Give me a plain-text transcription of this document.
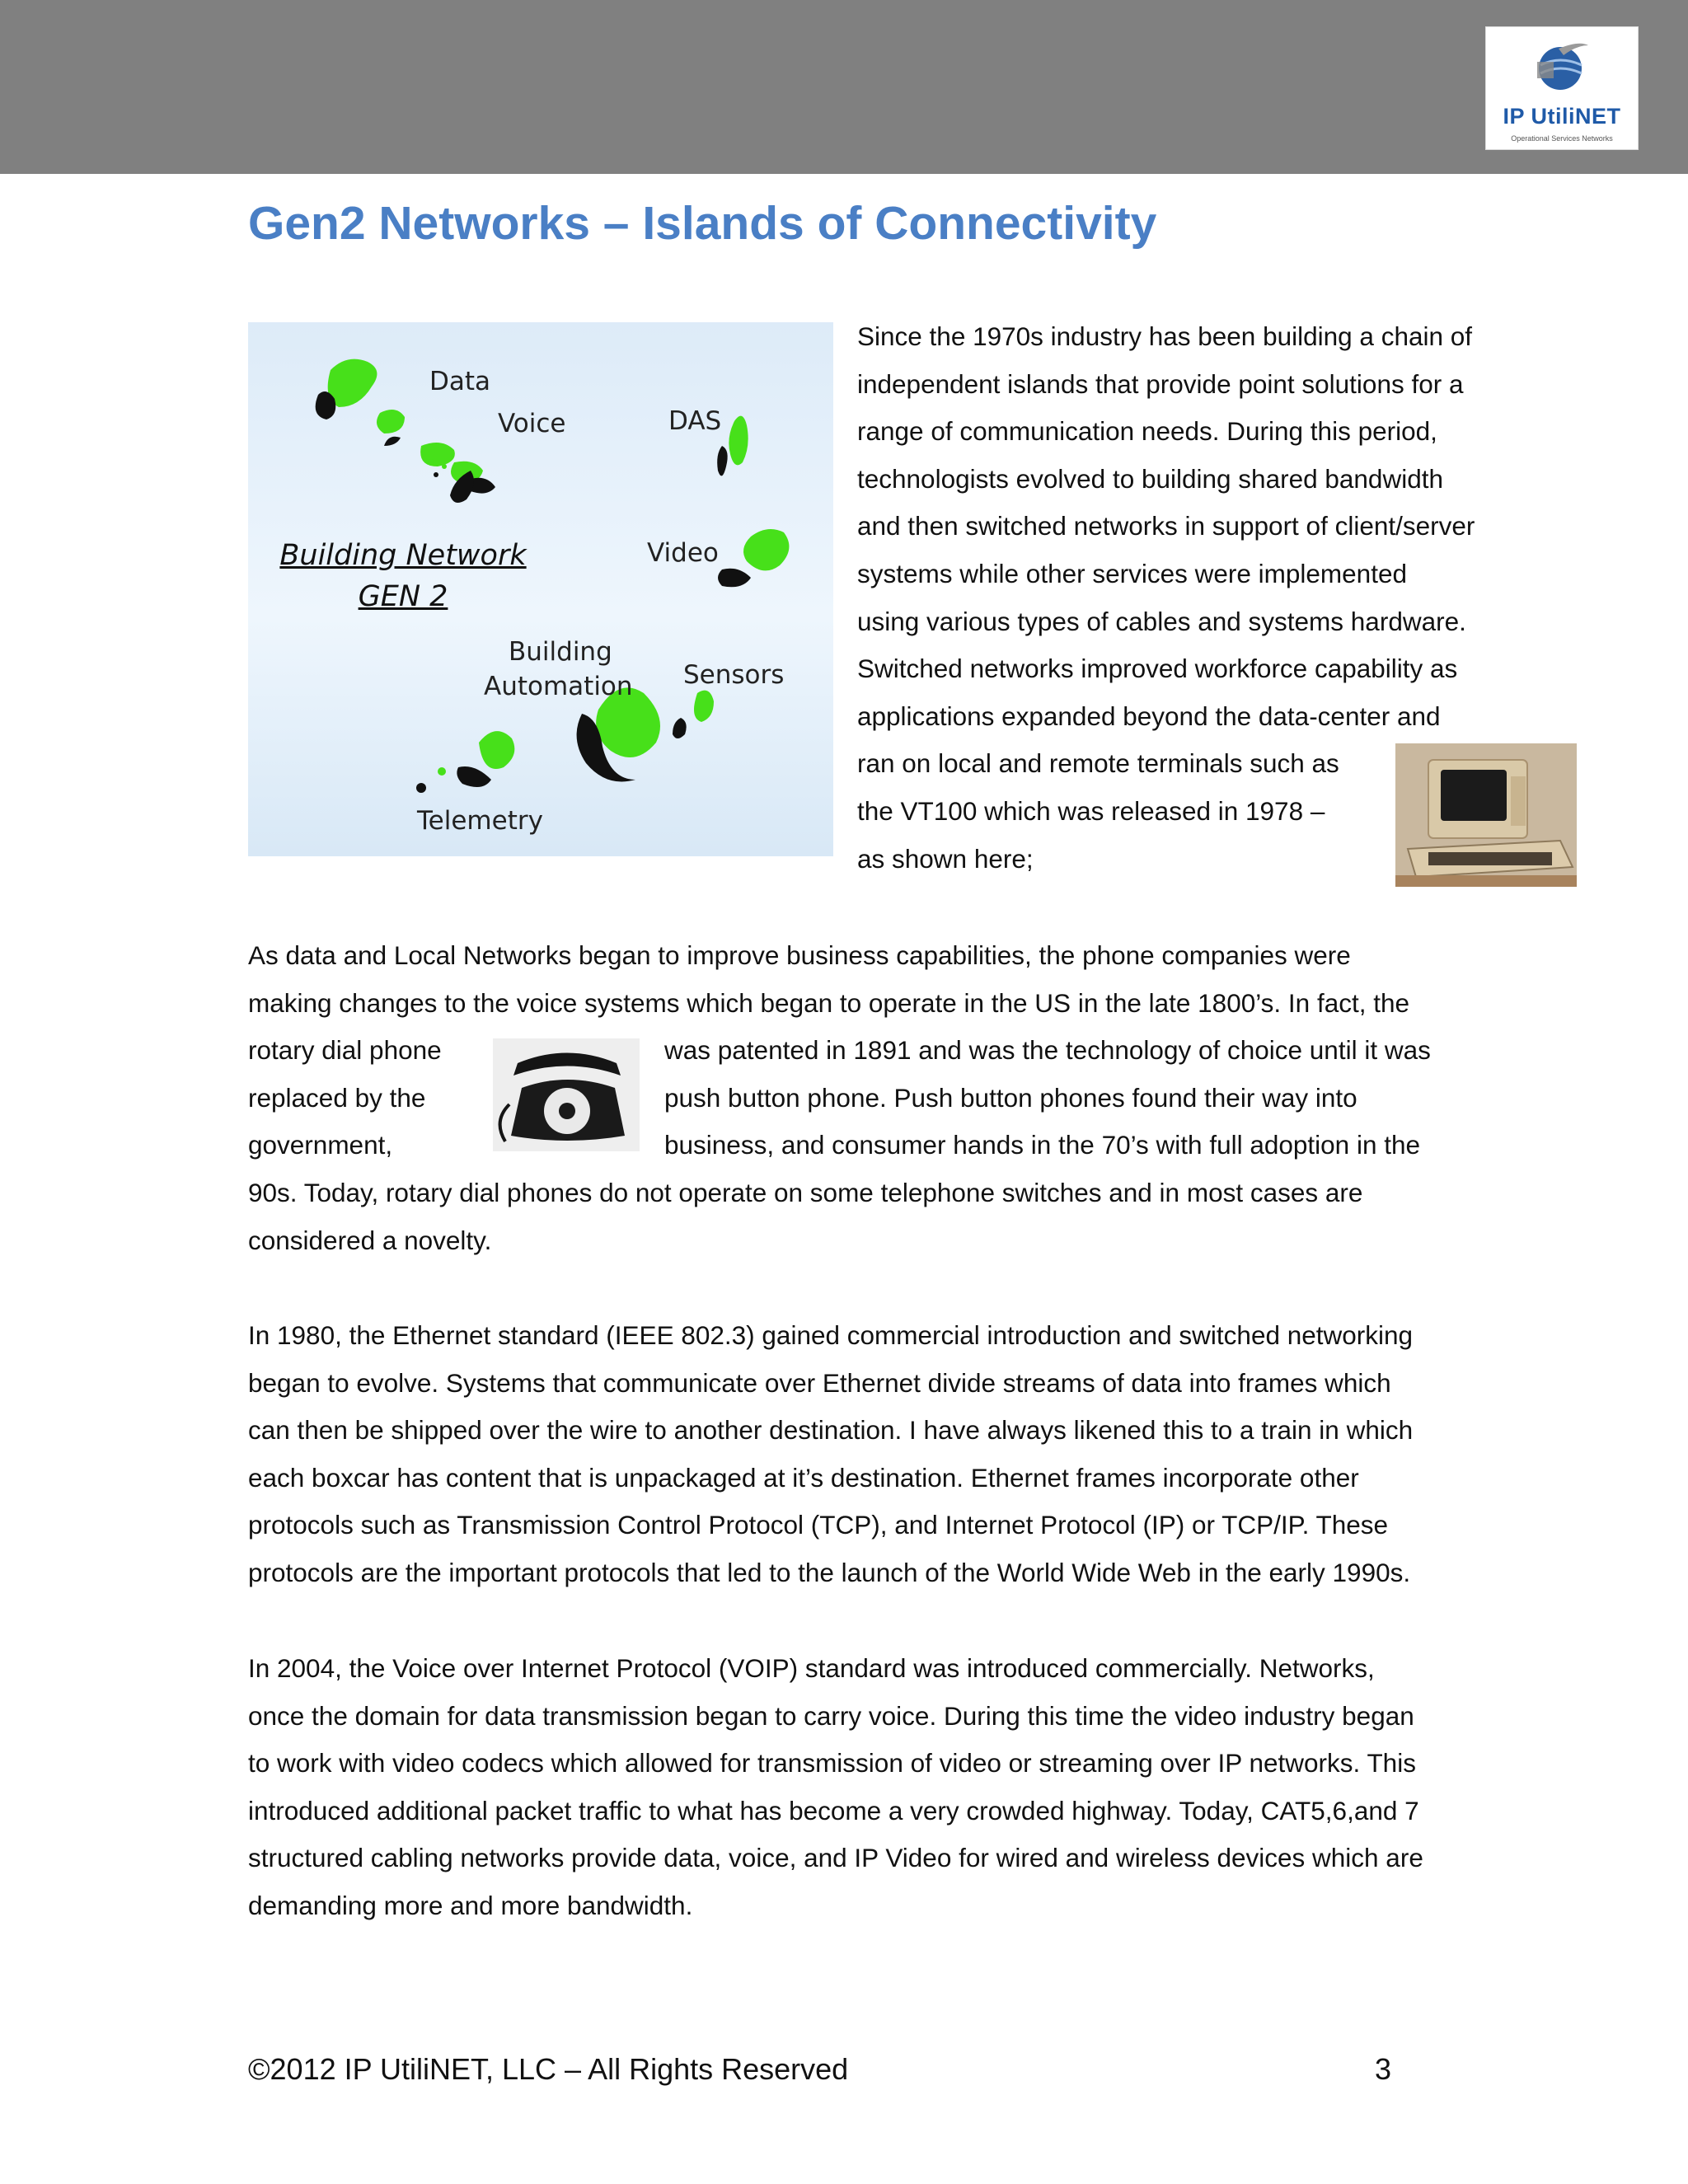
IP UtiliNET
Operational Services Networks
Gen2 Networks – Islands of Connectivity
Data
Voice	DAS
Video
Building
Automation Sensors
Telemetry
Building Network
GEN 2
Since the 1970s industry has been building a chain of
independent islands that provide point solutions for a
range of communication needs. During this period,
technologists evolved to building shared bandwidth
and then switched networks in support of client/server
systems while other services were implemented
using various types of cables and systems hardware.
Switched networks improved workforce capability as
applications expanded beyond the data-center and
ran on local and remote terminals such as
the VT100 which was released in 1978 –
as shown here;
As data and Local Networks began to improve business capabilities, the phone companies were
making changes to the voice systems which began to operate in the US in the late 1800’s. In fact, the
rotary dial phone	was patented in 1891 and was the technology of choice until it was
replaced by the	push button phone. Push button phones found their way into
government,	business, and consumer hands in the 70’s with full adoption in the
90s. Today, rotary dial phones do not operate on some telephone switches and in most cases are
considered a novelty.
In 1980, the Ethernet standard (IEEE 802.3) gained commercial introduction and switched networking
began to evolve. Systems that communicate over Ethernet divide streams of data into frames which
can then be shipped over the wire to another destination. I have always likened this to a train in which
each boxcar has content that is unpackaged at it’s destination. Ethernet frames incorporate other
protocols such as Transmission Control Protocol (TCP), and Internet Protocol (IP) or TCP/IP. These
protocols are the important protocols that led to the launch of the World Wide Web in the early 1990s.
In 2004, the Voice over Internet Protocol (VOIP) standard was introduced commercially. Networks,
once the domain for data transmission began to carry voice. During this time the video industry began
to work with video codecs which allowed for transmission of video or streaming over IP networks. This
introduced additional packet traffic to what has become a very crowded highway. Today, CAT5,6,and 7
structured cabling networks provide data, voice, and IP Video for wired and wireless devices which are
demanding more and more bandwidth.
©2012 IP UtiliNET, LLC – All Rights Reserved	3
